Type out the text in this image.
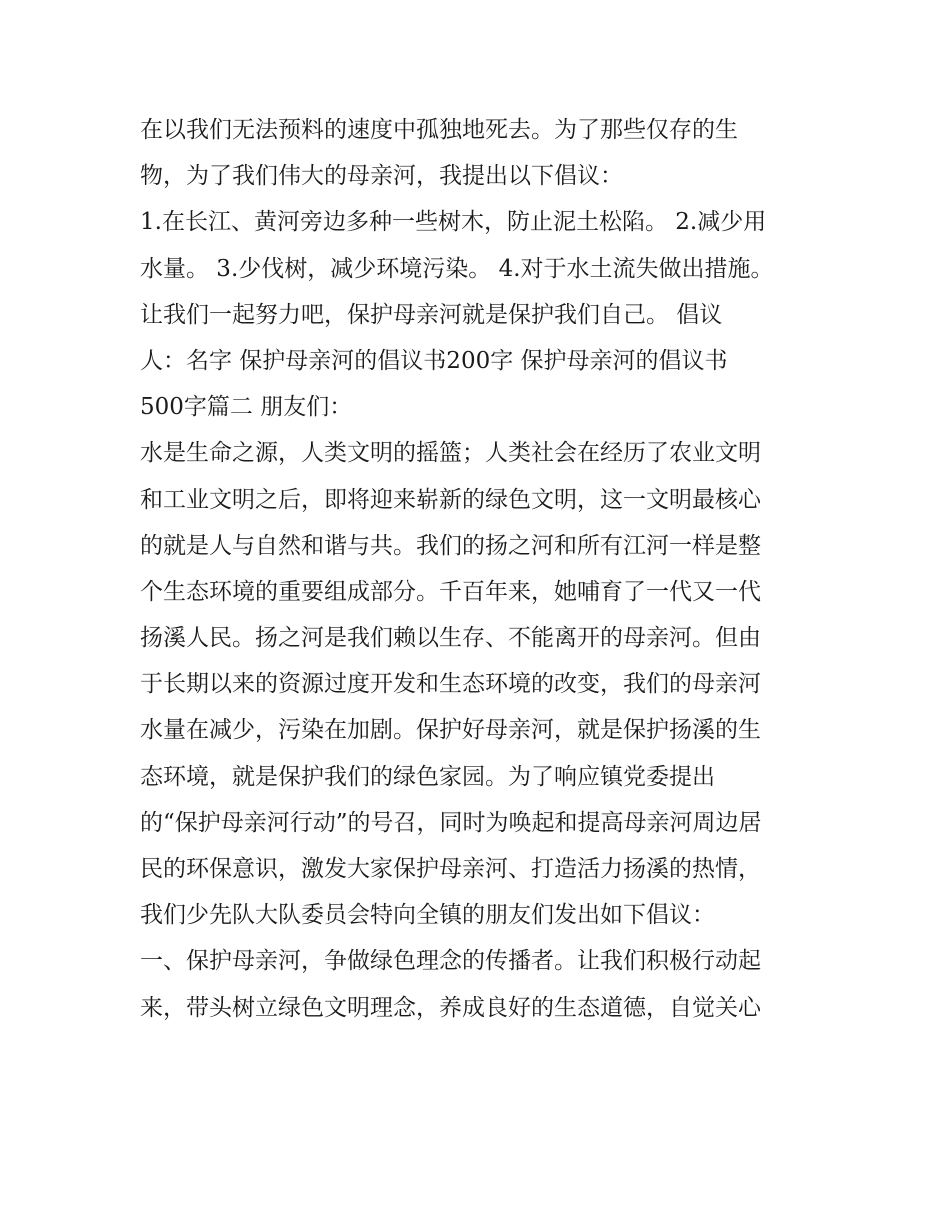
在以我们无法预料的速度中孤独地死去。为了那些仅存的生
物，为了我们伟大的母亲河，我提出以下倡议：
1.在长江、黄河旁边多种一些树木，防止泥土松陷。 2.减少用
水量。 3.少伐树，减少环境污染。 4.对于水土流失做出措施。
让我们一起努力吧，保护母亲河就是保护我们自己。 倡议
人：名字 保护母亲河的倡议书200字 保护母亲河的倡议书
500字篇二 朋友们：
水是生命之源，人类文明的摇篮；人类社会在经历了农业文明
和工业文明之后，即将迎来崭新的绿色文明，这一文明最核心
的就是人与自然和谐与共。我们的扬之河和所有江河一样是整
个生态环境的重要组成部分。千百年来，她哺育了一代又一代
扬溪人民。扬之河是我们赖以生存、不能离开的母亲河。但由
于长期以来的资源过度开发和生态环境的改变，我们的母亲河
水量在减少，污染在加剧。保护好母亲河，就是保护扬溪的生
态环境，就是保护我们的绿色家园。为了响应镇党委提出
的“保护母亲河行动”的号召，同时为唤起和提高母亲河周边居
民的环保意识，激发大家保护母亲河、打造活力扬溪的热情，
我们少先队大队委员会特向全镇的朋友们发出如下倡议：
一、保护母亲河，争做绿色理念的传播者。让我们积极行动起
来，带头树立绿色文明理念，养成良好的生态道德，自觉关心
